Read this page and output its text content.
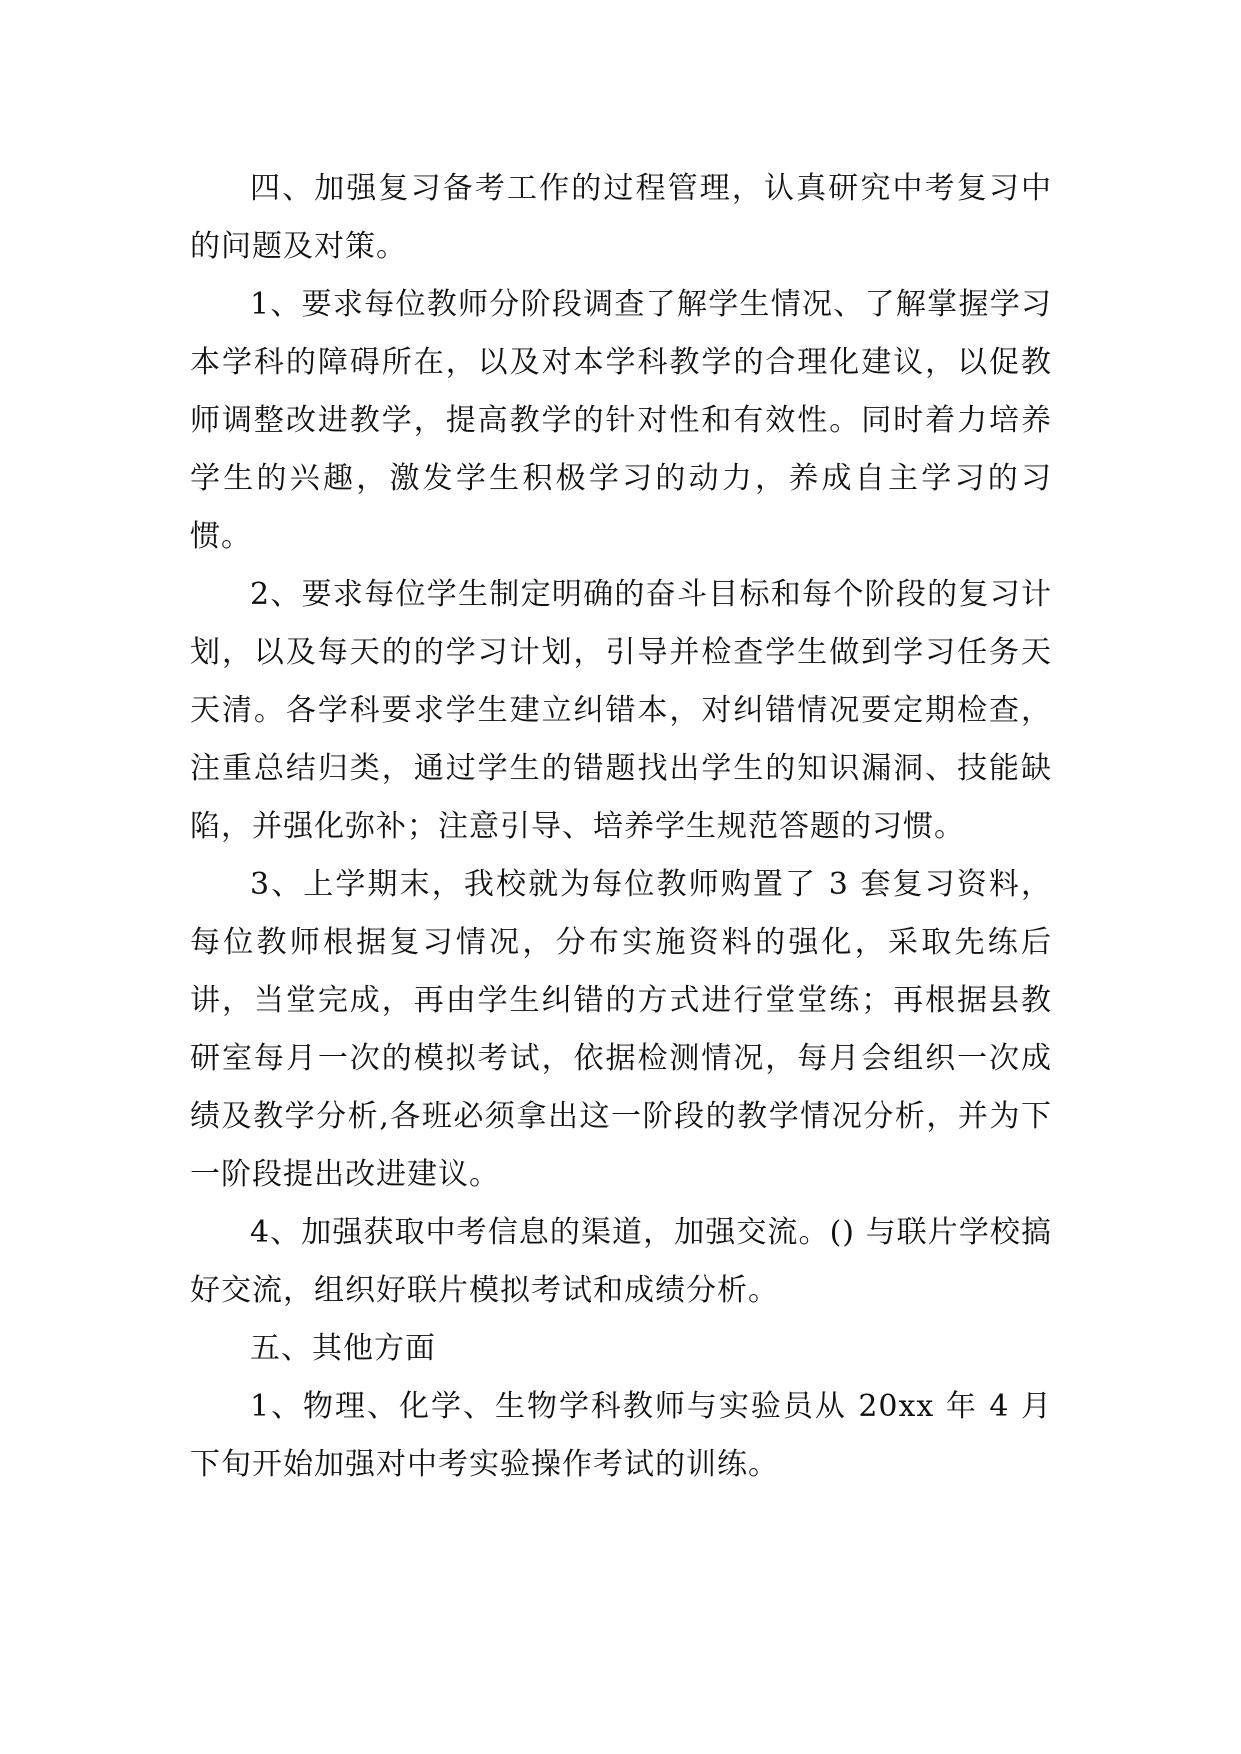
四、加强复习备考工作的过程管理，认真研究中考复习中的问题及对策。

1、要求每位教师分阶段调查了解学生情况、了解掌握学习本学科的障碍所在，以及对本学科教学的合理化建议，以促教师调整改进教学，提高教学的针对性和有效性。同时着力培养学生的兴趣，激发学生积极学习的动力，养成自主学习的习惯。

2、要求每位学生制定明确的奋斗目标和每个阶段的复习计划，以及每天的的学习计划，引导并检查学生做到学习任务天天清。各学科要求学生建立纠错本，对纠错情况要定期检查，注重总结归类，通过学生的错题找出学生的知识漏洞、技能缺陷，并强化弥补；注意引导、培养学生规范答题的习惯。

3、上学期末，我校就为每位教师购置了 3 套复习资料，每位教师根据复习情况，分布实施资料的强化，采取先练后讲，当堂完成，再由学生纠错的方式进行堂堂练；再根据县教研室每月一次的模拟考试，依据检测情况，每月会组织一次成绩及教学分析,各班必须拿出这一阶段的教学情况分析，并为下一阶段提出改进建议。

4、加强获取中考信息的渠道，加强交流。() 与联片学校搞好交流，组织好联片模拟考试和成绩分析。

五、其他方面

1、物理、化学、生物学科教师与实验员从 20xx 年 4 月下旬开始加强对中考实验操作考试的训练。
